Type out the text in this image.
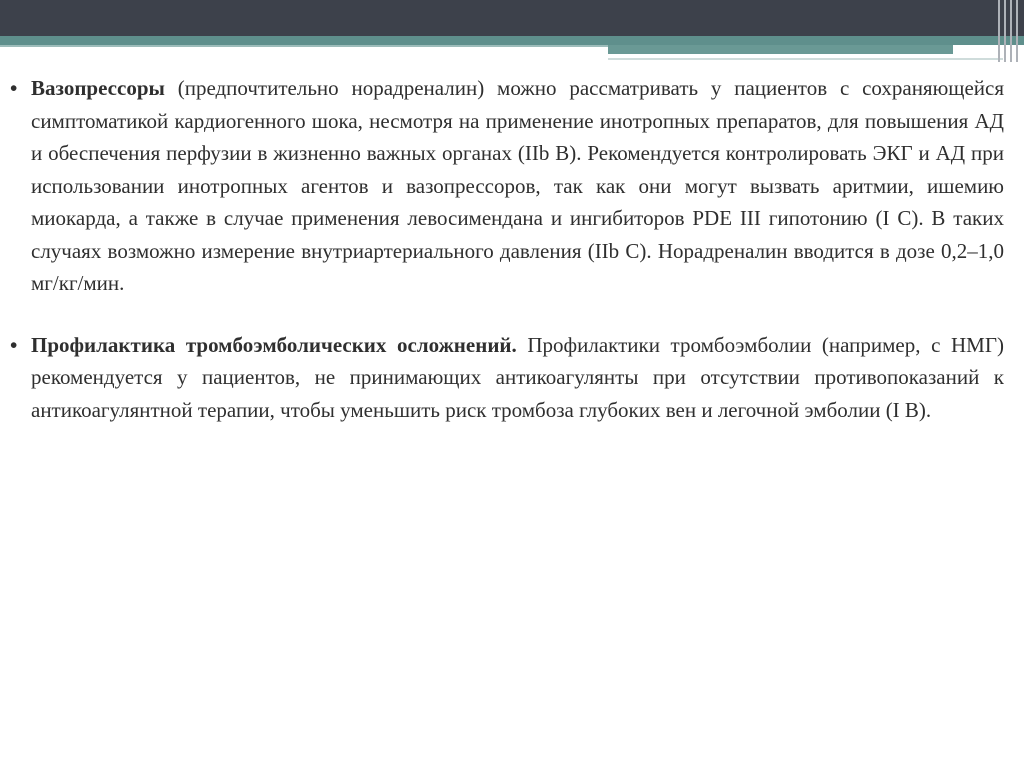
• Вазопрессоры (предпочтительно норадреналин) можно рассматривать у пациентов с сохраняющейся симптоматикой кардиогенного шока, несмотря на применение инотропных препаратов, для повышения АД и обеспечения перфузии в жизненно важных органах (IIb B). Рекомендуется контролировать ЭКГ и АД при использовании инотропных агентов и вазопрессоров, так как они могут вызвать аритмии, ишемию миокарда, а также в случае применения левосимендана и ингибиторов PDE III гипотонию (I C). В таких случаях возможно измерение внутриартериального давления (IIb C). Норадреналин вводится в дозе 0,2–1,0 мг/кг/мин.

• Профилактика тромбоэмболических осложнений. Профилактики тромбоэмболии (например, с НМГ) рекомендуется у пациентов, не принимающих антикоагулянты при отсутствии противопоказаний к антикоагулянтной терапии, чтобы уменьшить риск тромбоза глубоких вен и легочной эмболии (I B).
